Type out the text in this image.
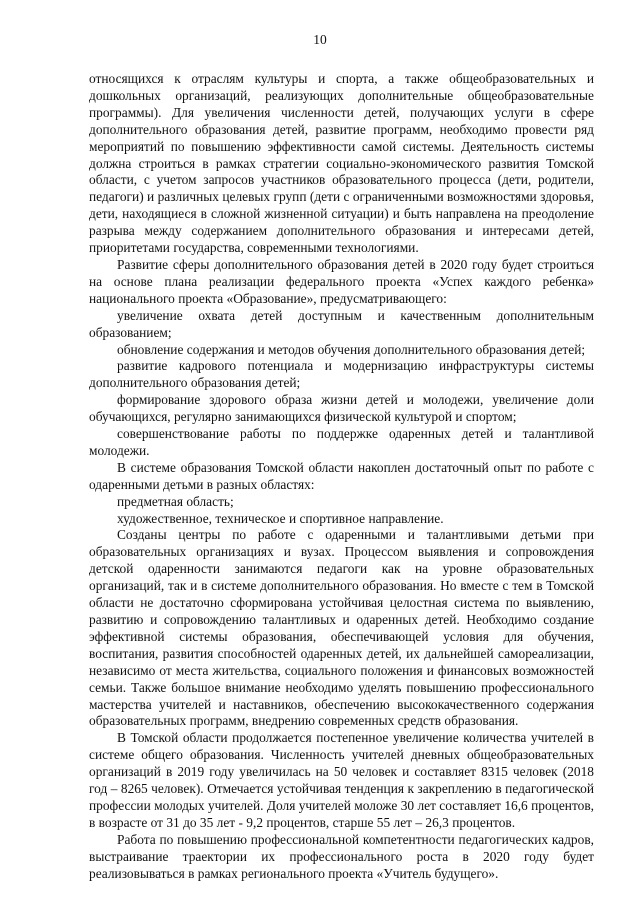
10

относящихся к отраслям культуры и спорта, а также общеобразовательных и дошкольных организаций, реализующих дополнительные общеобразовательные программы). Для увеличения численности детей, получающих услуги в сфере дополнительного образования детей, развитие программ, необходимо провести ряд мероприятий по повышению эффективности самой системы. Деятельность системы должна строиться в рамках стратегии социально-экономического развития Томской области, с учетом запросов участников образовательного процесса (дети, родители, педагоги) и различных целевых групп (дети с ограниченными возможностями здоровья, дети, находящиеся в сложной жизненной ситуации) и быть направлена на преодоление разрыва между содержанием дополнительного образования и интересами детей, приоритетами государства, современными технологиями.

Развитие сферы дополнительного образования детей в 2020 году будет строиться на основе плана реализации федерального проекта «Успех каждого ребенка» национального проекта «Образование», предусматривающего:

увеличение охвата детей доступным и качественным дополнительным образованием;

обновление содержания и методов обучения дополнительного образования детей;

развитие кадрового потенциала и модернизацию инфраструктуры системы дополнительного образования детей;

формирование здорового образа жизни детей и молодежи, увеличение доли обучающихся, регулярно занимающихся физической культурой и спортом;

совершенствование работы по поддержке одаренных детей и талантливой молодежи.

В системе образования Томской области накоплен достаточный опыт по работе с одаренными детьми в разных областях:

предметная область;

художественное, техническое и спортивное направление.

Созданы центры по работе с одаренными и талантливыми детьми при образовательных организациях и вузах. Процессом выявления и сопровождения детской одаренности занимаются педагоги как на уровне образовательных организаций, так и в системе дополнительного образования. Но вместе с тем в Томской области не достаточно сформирована устойчивая целостная система по выявлению, развитию и сопровождению талантливых и одаренных детей. Необходимо создание эффективной системы образования, обеспечивающей условия для обучения, воспитания, развития способностей одаренных детей, их дальнейшей самореализации, независимо от места жительства, социального положения и финансовых возможностей семьи. Также большое внимание необходимо уделять повышению профессионального мастерства учителей и наставников, обеспечению высококачественного содержания образовательных программ, внедрению современных средств образования.

В Томской области продолжается постепенное увеличение количества учителей в системе общего образования. Численность учителей дневных общеобразовательных организаций в 2019 году увеличилась на 50 человек и составляет 8315 человек (2018 год – 8265 человек). Отмечается устойчивая тенденция к закреплению в педагогической профессии молодых учителей. Доля учителей моложе 30 лет составляет 16,6 процентов, в возрасте от 31 до 35 лет - 9,2 процентов, старше 55 лет – 26,3 процентов.

Работа по повышению профессиональной компетентности педагогических кадров, выстраивание траектории их профессионального роста в 2020 году будет реализовываться в рамках регионального проекта «Учитель будущего».
